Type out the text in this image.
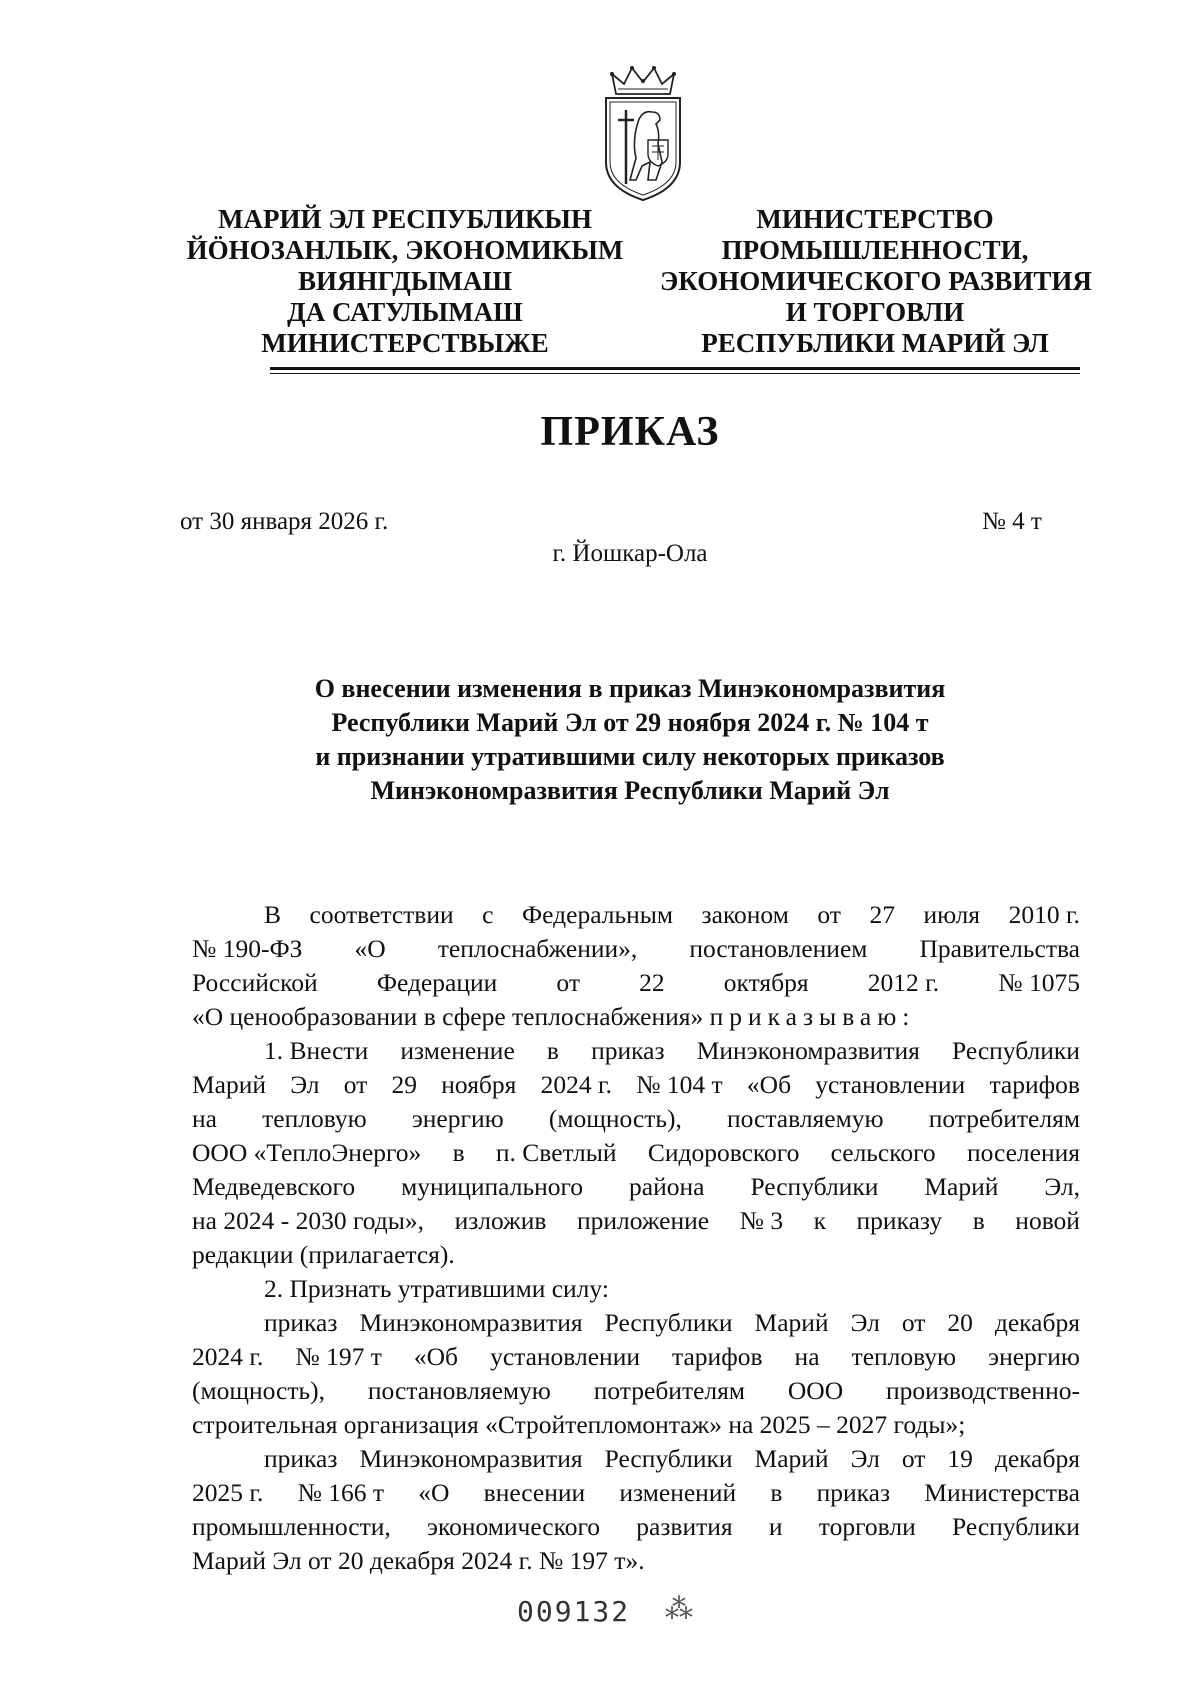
МАРИЙ ЭЛ РЕСПУБЛИКЫН
ЙÖНОЗАНЛЫК, ЭКОНОМИКЫМ
ВИЯНГДЫМАШ
ДА САТУЛЫМАШ
МИНИСТЕРСТВЫЖЕ
МИНИСТЕРСТВО
ПРОМЫШЛЕННОСТИ,
ЭКОНОМИЧЕСКОГО РАЗВИТИЯ
И ТОРГОВЛИ
РЕСПУБЛИКИ МАРИЙ ЭЛ
ПРИКАЗ
от 30 января 2026 г.	№ 4 т
г. Йошкар-Ола
О внесении изменения в приказ Минэкономразвития
Республики Марий Эл от 29 ноября 2024 г. № 104 т
и признании утратившими силу некоторых приказов
Минэкономразвития Республики Марий Эл
В соответствии с Федеральным законом от 27 июля 2010 г.
№ 190-ФЗ «О теплоснабжении», постановлением Правительства
Российской Федерации от 22 октября 2012 г. № 1075
«О ценообразовании в сфере теплоснабжения»
приказываю:
1. Внести изменение в приказ Минэкономразвития Республики
Марий Эл от 29 ноября 2024 г. № 104 т «Об установлении тарифов
на тепловую энергию (мощность), поставляемую потребителям
ООО «ТеплоЭнерго» в п. Светлый Сидоровского сельского поселения
Медведевского муниципального района Республики Марий Эл,
на 2024 - 2030 годы», изложив приложение № 3 к приказу в новой
редакции (прилагается).
2. Признать утратившими силу:
приказ Минэкономразвития Республики Марий Эл от 20 декабря
2024 г. № 197 т «Об установлении тарифов на тепловую энергию
(мощность), постановляемую потребителям ООО производственно-
строительная организация «Стройтепломонтаж» на 2025 – 2027 годы»;
приказ Минэкономразвития Республики Марий Эл от 19 декабря
2025 г. № 166 т «О внесении изменений в приказ Министерства
промышленности, экономического развития и торговли Республики
Марий Эл от 20 декабря 2024 г. № 197 т».
009132 ⁂
